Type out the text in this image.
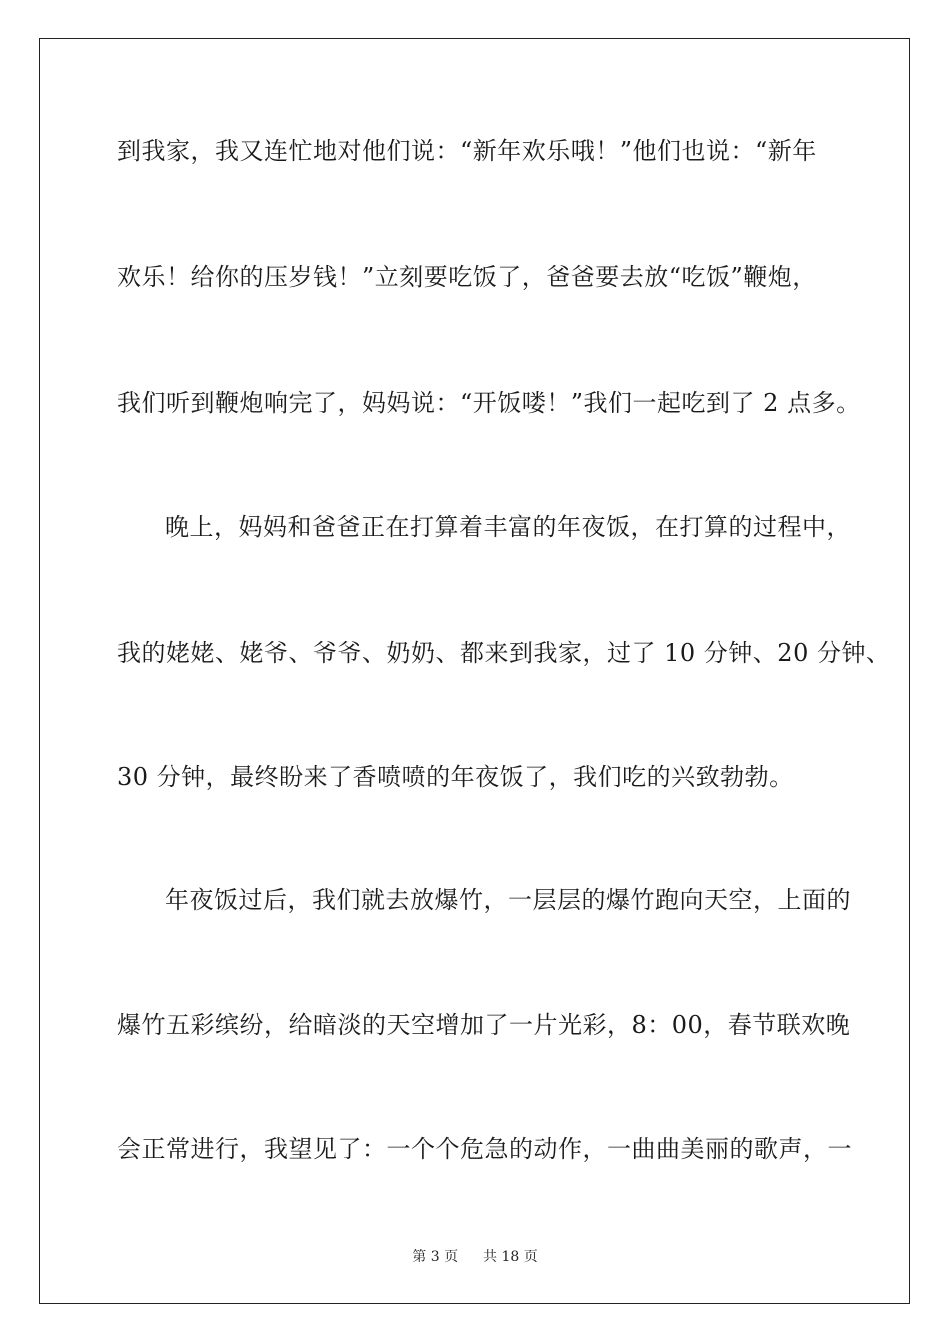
到我家，我又连忙地对他们说：“新年欢乐哦！”他们也说：“新年
欢乐！给你的压岁钱！”立刻要吃饭了，爸爸要去放“吃饭”鞭炮，
我们听到鞭炮响完了，妈妈说：“开饭喽！”我们一起吃到了 2 点多。
晚上，妈妈和爸爸正在打算着丰富的年夜饭，在打算的过程中，
我的姥姥、姥爷、爷爷、奶奶、都来到我家，过了 10 分钟、20 分钟、
30 分钟，最终盼来了香喷喷的年夜饭了，我们吃的兴致勃勃。
年夜饭过后，我们就去放爆竹，一层层的爆竹跑向天空，上面的
爆竹五彩缤纷，给暗淡的天空增加了一片光彩，8：00，春节联欢晚
会正常进行，我望见了：一个个危急的动作，一曲曲美丽的歌声，一
第 3 页 共 18 页
